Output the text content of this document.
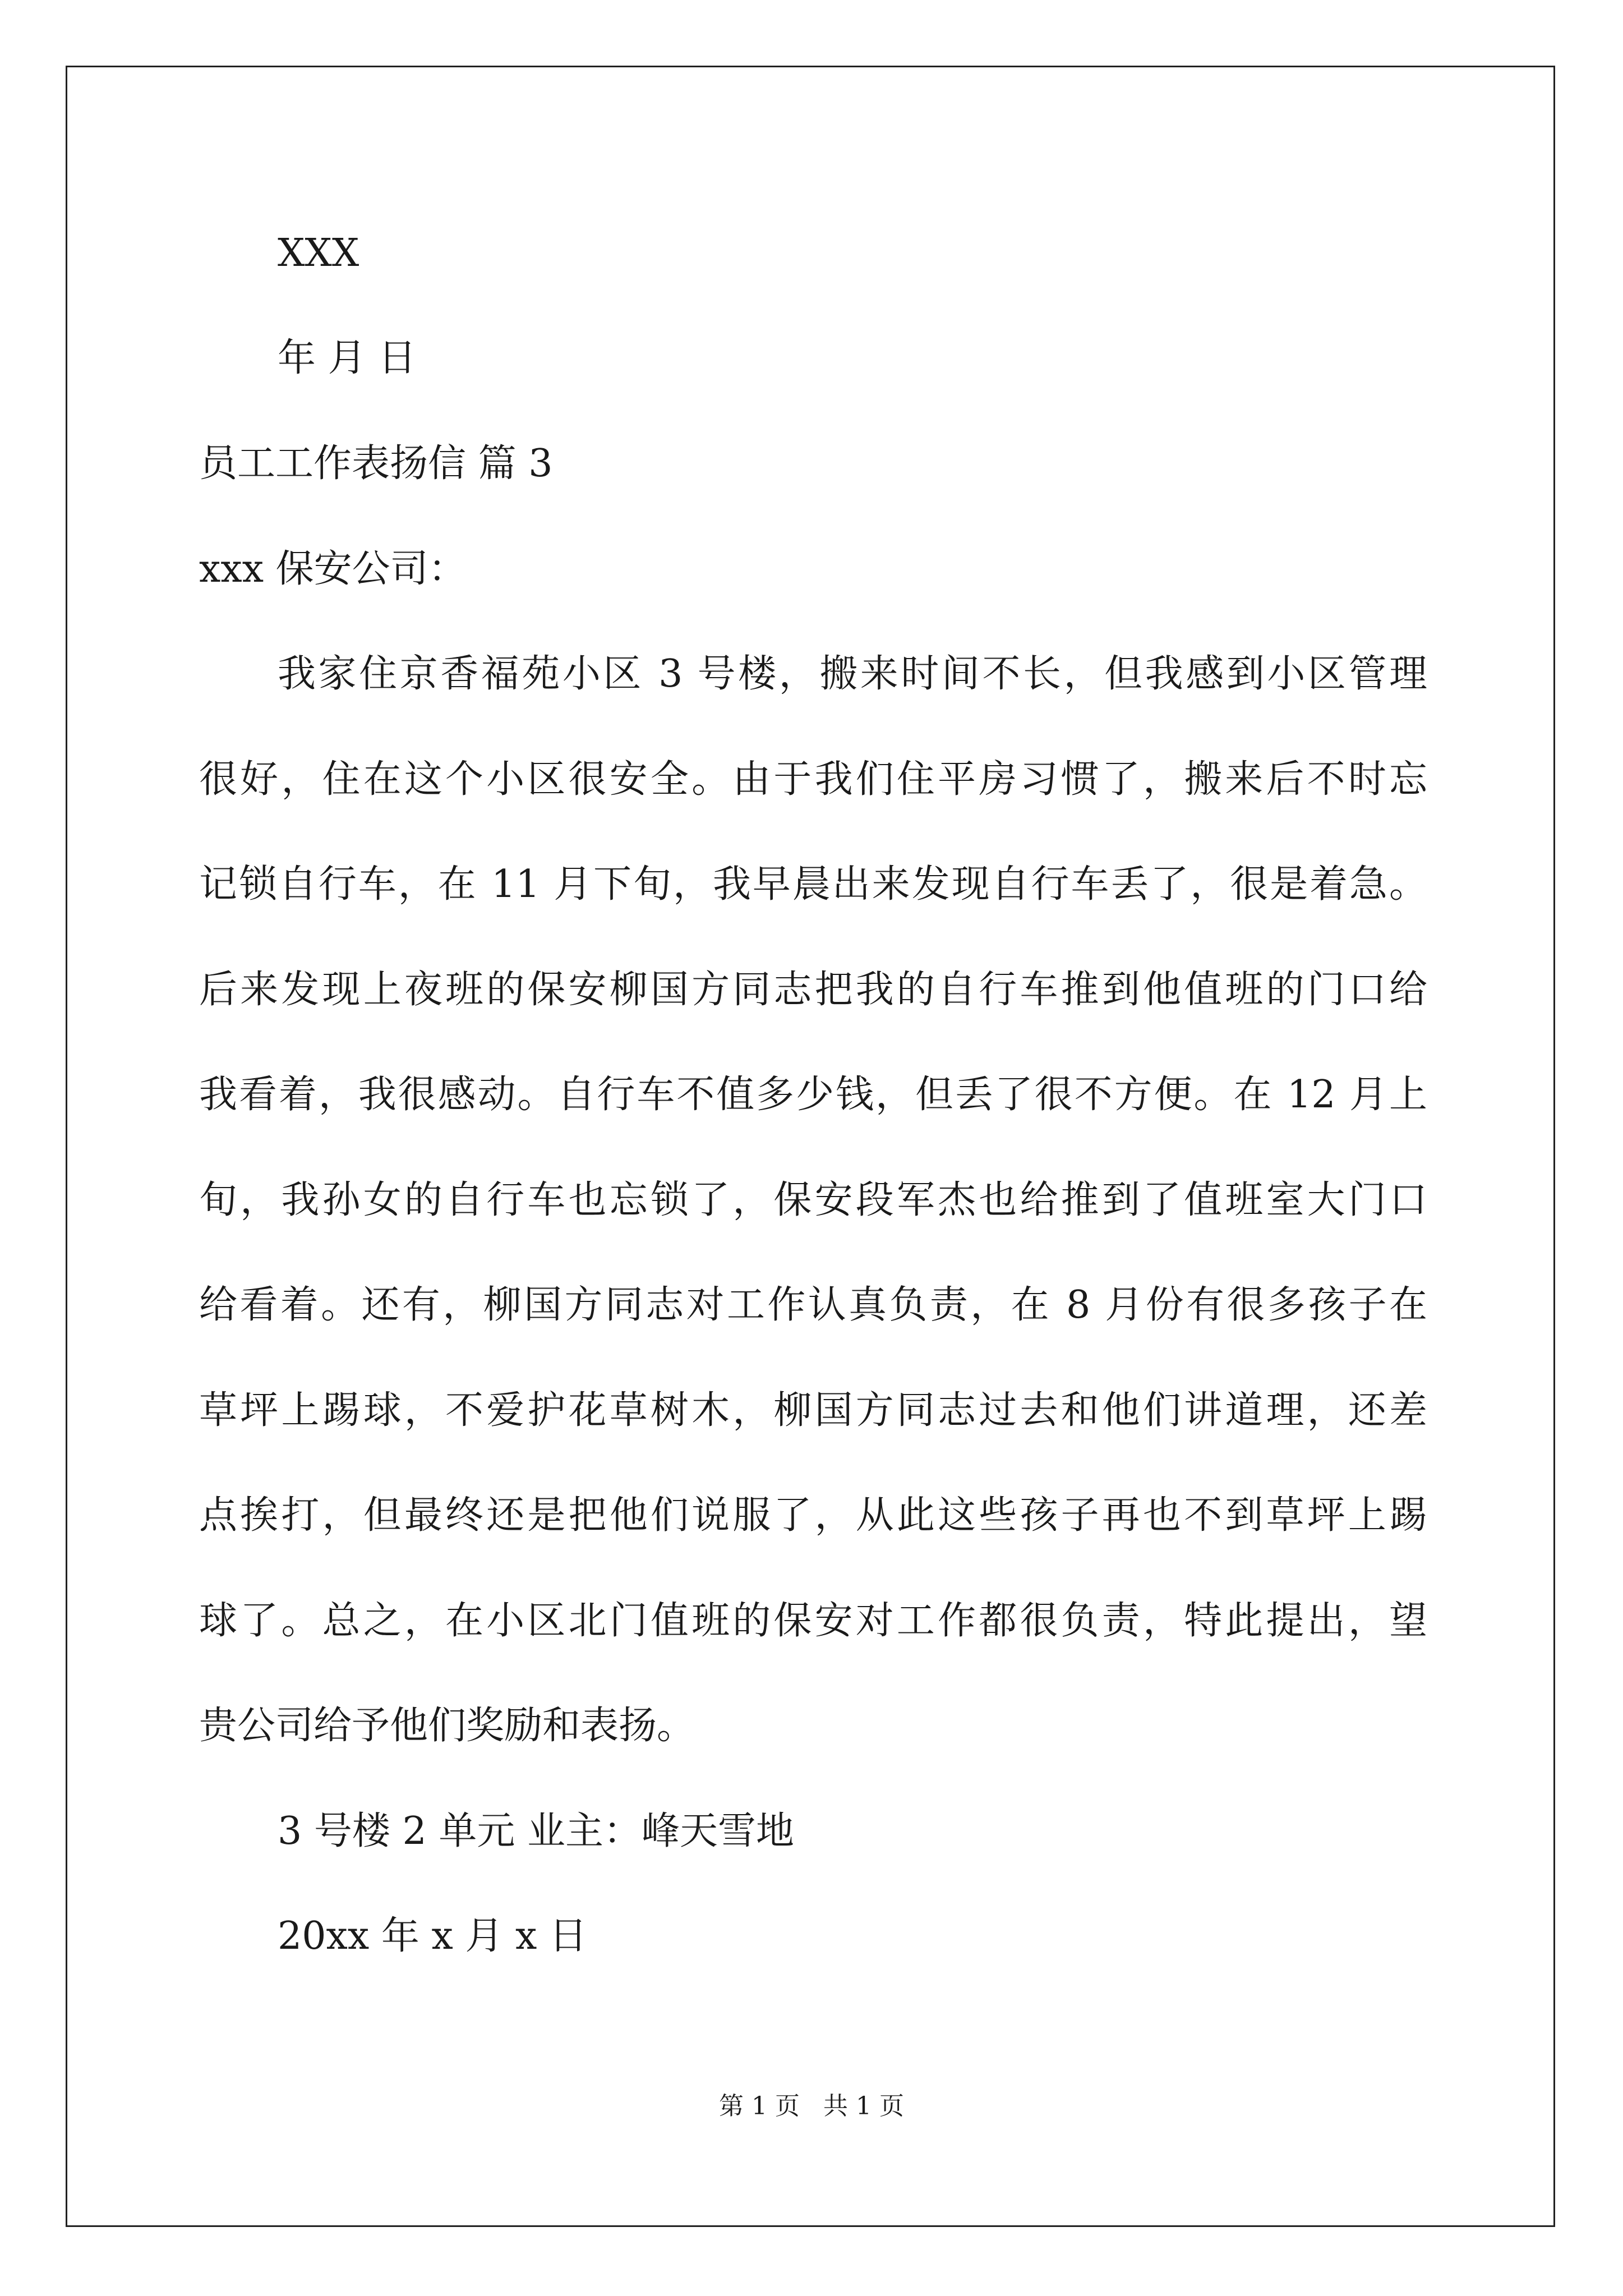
XXX
年 月 日
员工工作表扬信 篇 3
xxx 保安公司：
我家住京香福苑小区 3 号楼，搬来时间不长，但我感到小区管理
很好，住在这个小区很安全。由于我们住平房习惯了，搬来后不时忘
记锁自行车，在 11 月下旬，我早晨出来发现自行车丢了，很是着急。
后来发现上夜班的保安柳国方同志把我的自行车推到他值班的门口给
我看着，我很感动。自行车不值多少钱，但丢了很不方便。在 12 月上
旬，我孙女的自行车也忘锁了，保安段军杰也给推到了值班室大门口
给看着。还有，柳国方同志对工作认真负责，在 8 月份有很多孩子在
草坪上踢球，不爱护花草树木，柳国方同志过去和他们讲道理，还差
点挨打，但最终还是把他们说服了，从此这些孩子再也不到草坪上踢
球了。总之，在小区北门值班的保安对工作都很负责，特此提出，望
贵公司给予他们奖励和表扬。
3 号楼 2 单元 业主：峰天雪地
20xx 年 x 月 x 日
第 1 页   共 1 页
